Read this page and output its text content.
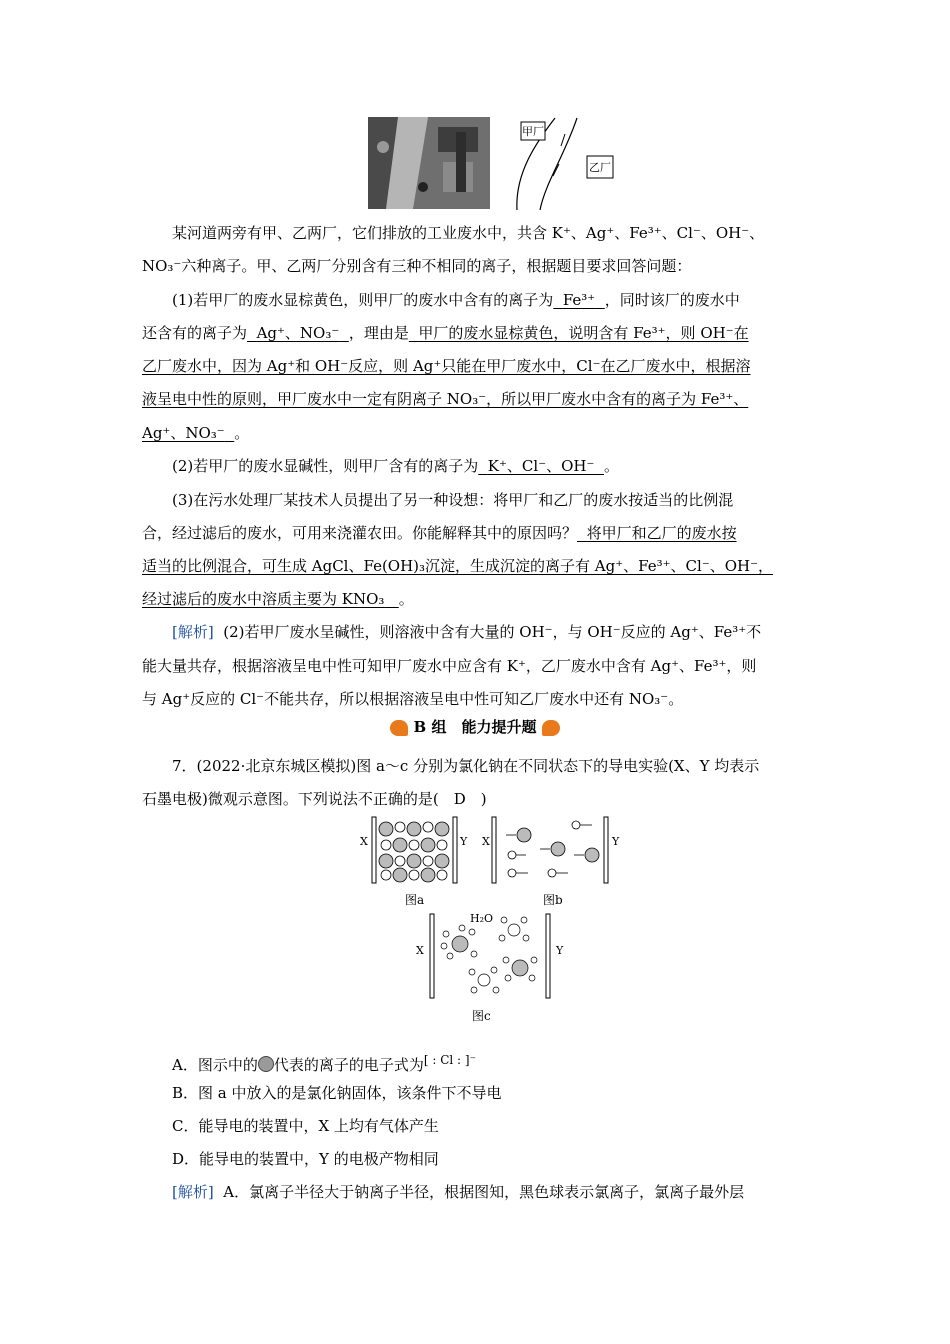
甲厂
乙厂
某河道两旁有甲、乙两厂，它们排放的工业废水中，共含 K⁺、Ag⁺、Fe³⁺、Cl⁻、OH⁻、
NO₃⁻六种离子。甲、乙两厂分别含有三种不相同的离子，根据题目要求回答问题：
(1)若甲厂的废水显棕黄色，则甲厂的废水中含有的离子为 Fe³⁺ ，同时该厂的废水中
还含有的离子为 Ag⁺、NO₃⁻ ，理由是 甲厂的废水显棕黄色，说明含有 Fe³⁺，则 OH⁻在
乙厂废水中，因为 Ag⁺和 OH⁻反应，则 Ag⁺只能在甲厂废水中，Cl⁻在乙厂废水中，根据溶
液呈电中性的原则，甲厂废水中一定有阴离子 NO₃⁻，所以甲厂废水中含有的离子为 Fe³⁺、
Ag⁺、NO₃⁻ 。
(2)若甲厂的废水显碱性，则甲厂含有的离子为 K⁺、Cl⁻、OH⁻ 。
(3)在污水处理厂某技术人员提出了另一种设想：将甲厂和乙厂的废水按适当的比例混
合，经过滤后的废水，可用来浇灌农田。你能解释其中的原因吗？ 将甲厂和乙厂的废水按
适当的比例混合，可生成 AgCl、Fe(OH)₃沉淀，生成沉淀的离子有 Ag⁺、Fe³⁺、Cl⁻、OH⁻，
经过滤后的废水中溶质主要为 KNO₃ 。
[解析] (2)若甲厂废水呈碱性，则溶液中含有大量的 OH⁻，与 OH⁻反应的 Ag⁺、Fe³⁺不
能大量共存，根据溶液呈电中性可知甲厂废水中应含有 K⁺，乙厂废水中含有 Ag⁺、Fe³⁺，则
与 Ag⁺反应的 Cl⁻不能共存，所以根据溶液呈电中性可知乙厂废水中还有 NO₃⁻。
B 组　能力提升题
7．(2022·北京东城区模拟)图 a～c 分别为氯化钠在不同状态下的导电实验(X、Y 均表示
石墨电极)微观示意图。下列说法不正确的是(　D　)
X	Y
图a
X	Y
图b
X	Y
H₂O
图c
A．图示中的 代表的离子的电子式为$^{[ : Cl : ]^-}$
B．图 a 中放入的是氯化钠固体，该条件下不导电
C．能导电的装置中，X 上均有气体产生
D．能导电的装置中，Y 的电极产物相同
[解析] A．氯离子半径大于钠离子半径，根据图知，黑色球表示氯离子，氯离子最外层
